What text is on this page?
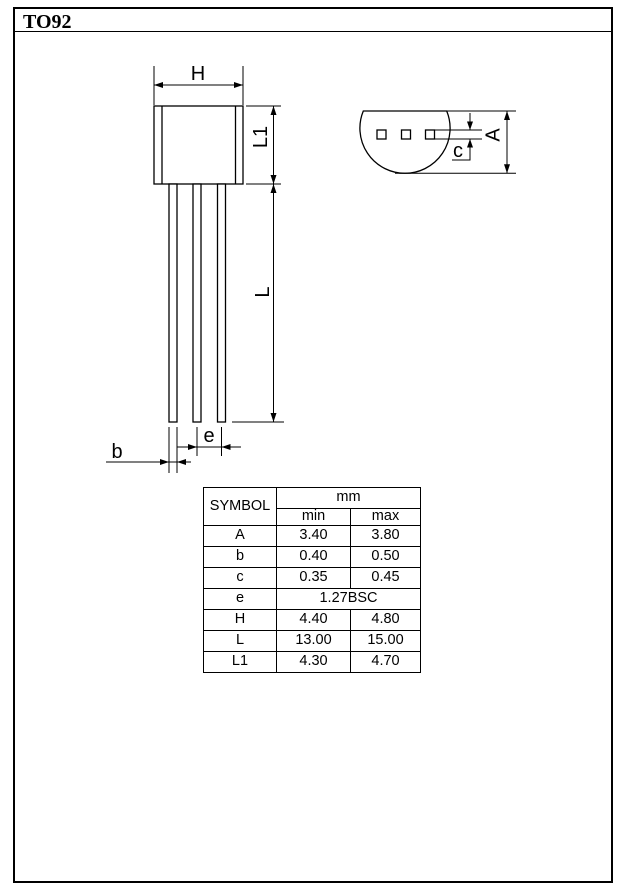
TO92
H
L1
L
e
b
c
A
SYMBOL	mm	
	min	max
A	3.40	3.80
b	0.40	0.50
c	0.35	0.45
e	1.27BSC	
H	4.40	4.80
L	13.00	15.00
L1	4.30	4.70
